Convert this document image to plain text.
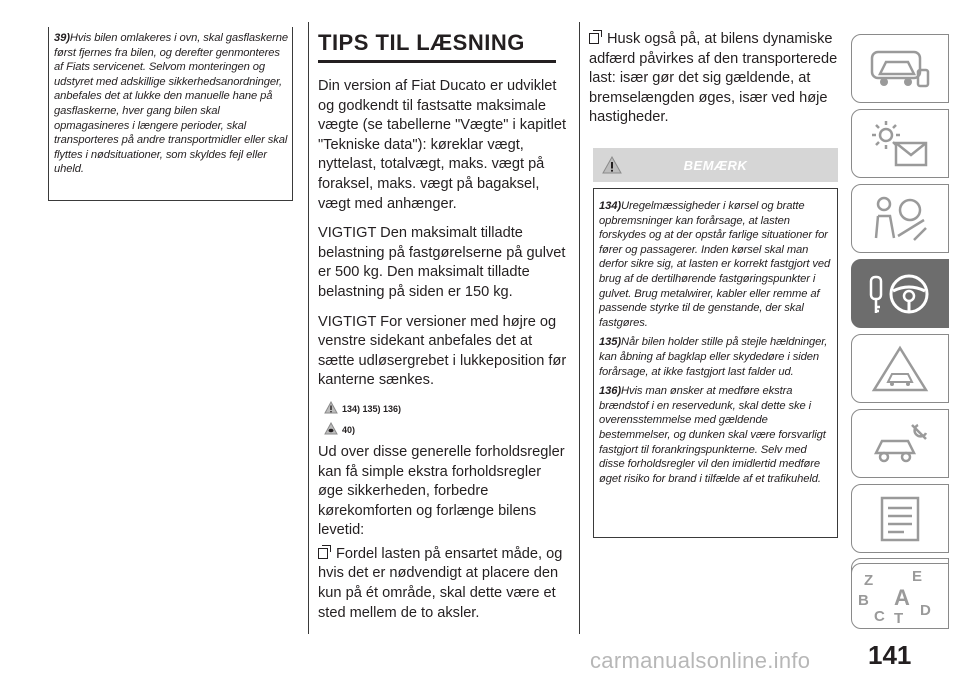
39)Hvis bilen omlakeres i ovn, skal gasflaskerne først fjernes fra bilen, og derefter genmonteres af Fiats servicenet. Selvom monteringen og udstyret med adskillige sikkerhedsanordninger, anbefales det at lukke den manuelle hane på gasflaskerne, hver gang bilen skal opmagasineres i længere perioder, skal transporteres på andre transportmidler eller skal flyttes i nødsituationer, som skyldes fejl eller uheld.

TIPS TIL LÆSNING

Din version af Fiat Ducato er udviklet og godkendt til fastsatte maksimale vægte (se tabellerne "Vægte" i kapitlet "Tekniske data"): køreklar vægt, nyttelast, totalvægt, maks. vægt på foraksel, maks. vægt på bagaksel, vægt med anhænger.

VIGTIGT Den maksimalt tilladte belastning på fastgørelserne på gulvet er 500 kg. Den maksimalt tilladte belastning på siden er 150 kg.

VIGTIGT For versioner med højre og venstre sidekant anbefales det at sætte udløsergrebet i lukkeposition før kanterne sænkes.

134) 135) 136)
40)

Ud over disse generelle forholdsregler kan få simple ekstra forholdsregler øge sikkerheden, forbedre kørekomforten og forlænge bilens levetid:

Fordel lasten på ensartet måde, og hvis det er nødvendigt at placere den kun på ét område, skal dette være et sted mellem de to aksler.

Husk også på, at bilens dynamiske adfærd påvirkes af den transporterede last: især gør det sig gældende, at bremselængden øges, især ved høje hastigheder.

BEMÆRK

134)Uregelmæssigheder i kørsel og bratte opbremsninger kan forårsage, at lasten forskydes og at der opstår farlige situationer for fører og passagerer. Inden kørsel skal man derfor sikre sig, at lasten er korrekt fastgjort ved brug af de dertilhørende fastgøringspunkter i gulvet. Brug metalwirer, kabler eller remme af passende styrke til de genstande, der skal fastgøres.

135)Når bilen holder stille på stejle hældninger, kan åbning af bagklap eller skydedøre i siden forårsage, at ikke fastgjort last falder ud.

136)Hvis man ønsker at medføre ekstra brændstof i en reservedunk, skal dette ske i overensstemmelse med gældende bestemmelser, og dunken skal være forsvarligt fastgjort til forankringspunkterne. Selv med disse forholdsregler vil den imidlertid medføre øget risiko for brand i tilfælde af et trafikuheld.

Z	E
B A
C T D
141
carmanualsonline.info
